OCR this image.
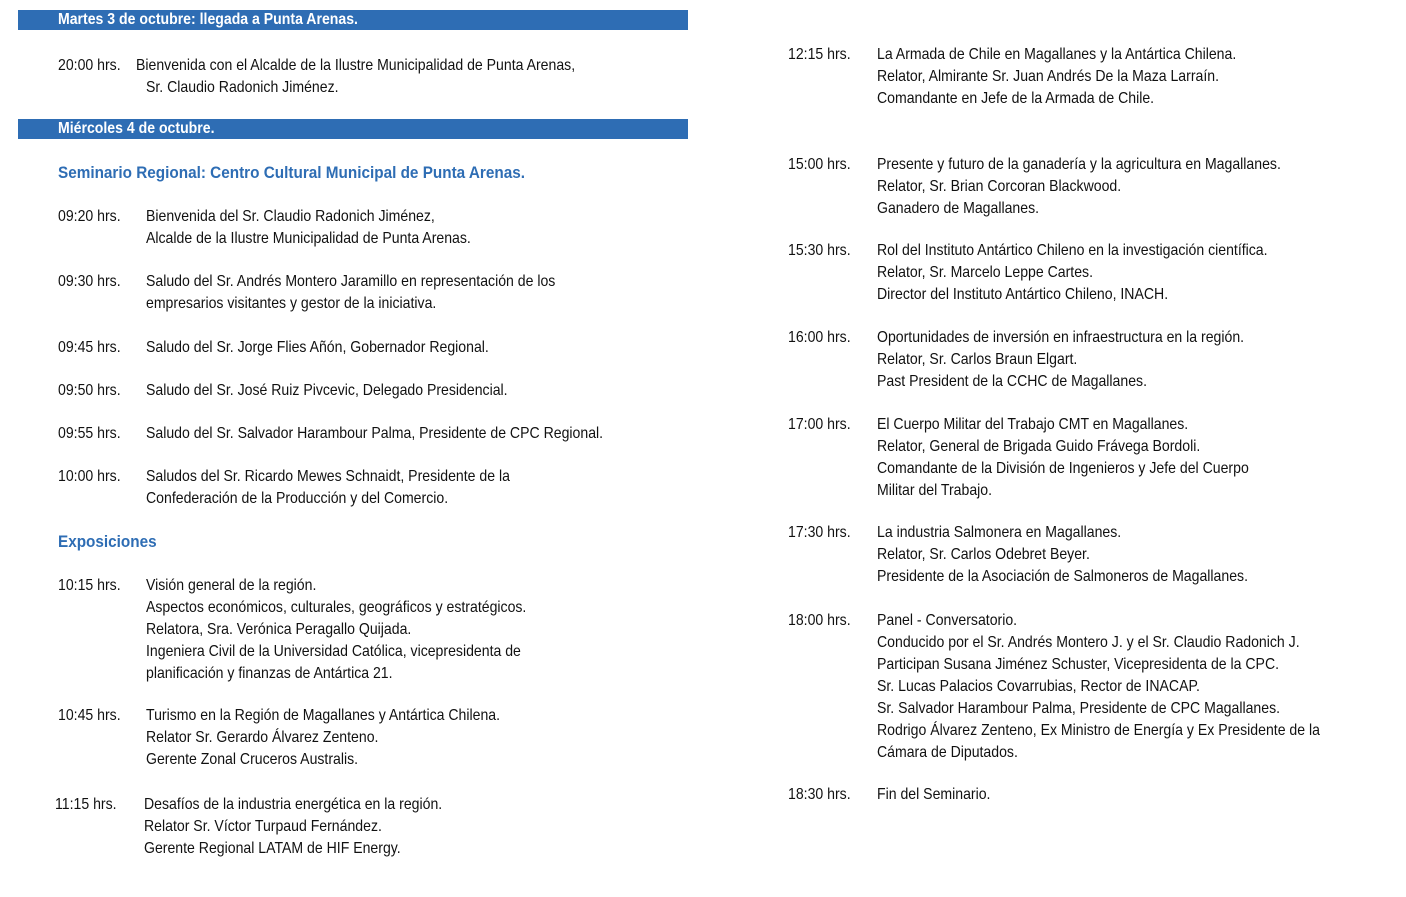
Martes 3 de octubre: llegada a Punta Arenas.
20:00 hrs. Bienvenida con el Alcalde de la Ilustre Municipalidad de Punta Arenas,
Sr. Claudio Radonich Jiménez.
Miércoles 4 de octubre.
Seminario Regional: Centro Cultural Municipal de Punta Arenas.
09:20 hrs. Bienvenida del Sr. Claudio Radonich Jiménez,
Alcalde de la Ilustre Municipalidad de Punta Arenas.
09:30 hrs. Saludo del Sr. Andrés Montero Jaramillo en representación de los
empresarios visitantes y gestor de la iniciativa.
09:45 hrs. Saludo del Sr. Jorge Flies Añón, Gobernador Regional.
09:50 hrs. Saludo del Sr. José Ruiz Pivcevic, Delegado Presidencial.
09:55 hrs. Saludo del Sr. Salvador Harambour Palma, Presidente de CPC Regional.
10:00 hrs. Saludos del Sr. Ricardo Mewes Schnaidt, Presidente de la
Confederación de la Producción y del Comercio.
Exposiciones
10:15 hrs. Visión general de la región.
Aspectos económicos, culturales, geográficos y estratégicos.
Relatora, Sra. Verónica Peragallo Quijada.
Ingeniera Civil de la Universidad Católica, vicepresidenta de
planificación y finanzas de Antártica 21.
10:45 hrs. Turismo en la Región de Magallanes y Antártica Chilena.
Relator Sr. Gerardo Álvarez Zenteno.
Gerente Zonal Cruceros Australis.
11:15 hrs. Desafíos de la industria energética en la región.
Relator Sr. Víctor Turpaud Fernández.
Gerente Regional LATAM de HIF Energy.
12:15 hrs. La Armada de Chile en Magallanes y la Antártica Chilena.
Relator, Almirante Sr. Juan Andrés De la Maza Larraín.
Comandante en Jefe de la Armada de Chile.
15:00 hrs. Presente y futuro de la ganadería y la agricultura en Magallanes.
Relator, Sr. Brian Corcoran Blackwood.
Ganadero de Magallanes.
15:30 hrs. Rol del Instituto Antártico Chileno en la investigación científica.
Relator, Sr. Marcelo Leppe Cartes.
Director del Instituto Antártico Chileno, INACH.
16:00 hrs. Oportunidades de inversión en infraestructura en la región.
Relator, Sr. Carlos Braun Elgart.
Past President de la CCHC de Magallanes.
17:00 hrs. El Cuerpo Militar del Trabajo CMT en Magallanes.
Relator, General de Brigada Guido Frávega Bordoli.
Comandante de la División de Ingenieros y Jefe del Cuerpo
Militar del Trabajo.
17:30 hrs. La industria Salmonera en Magallanes.
Relator, Sr. Carlos Odebret Beyer.
Presidente de la Asociación de Salmoneros de Magallanes.
18:00 hrs. Panel - Conversatorio.
Conducido por el Sr. Andrés Montero J. y el Sr. Claudio Radonich J.
Participan Susana Jiménez Schuster, Vicepresidenta de la CPC.
Sr. Lucas Palacios Covarrubias, Rector de INACAP.
Sr. Salvador Harambour Palma, Presidente de CPC Magallanes.
Rodrigo Álvarez Zenteno, Ex Ministro de Energía y Ex Presidente de la
Cámara de Diputados.
18:30 hrs. Fin del Seminario.
